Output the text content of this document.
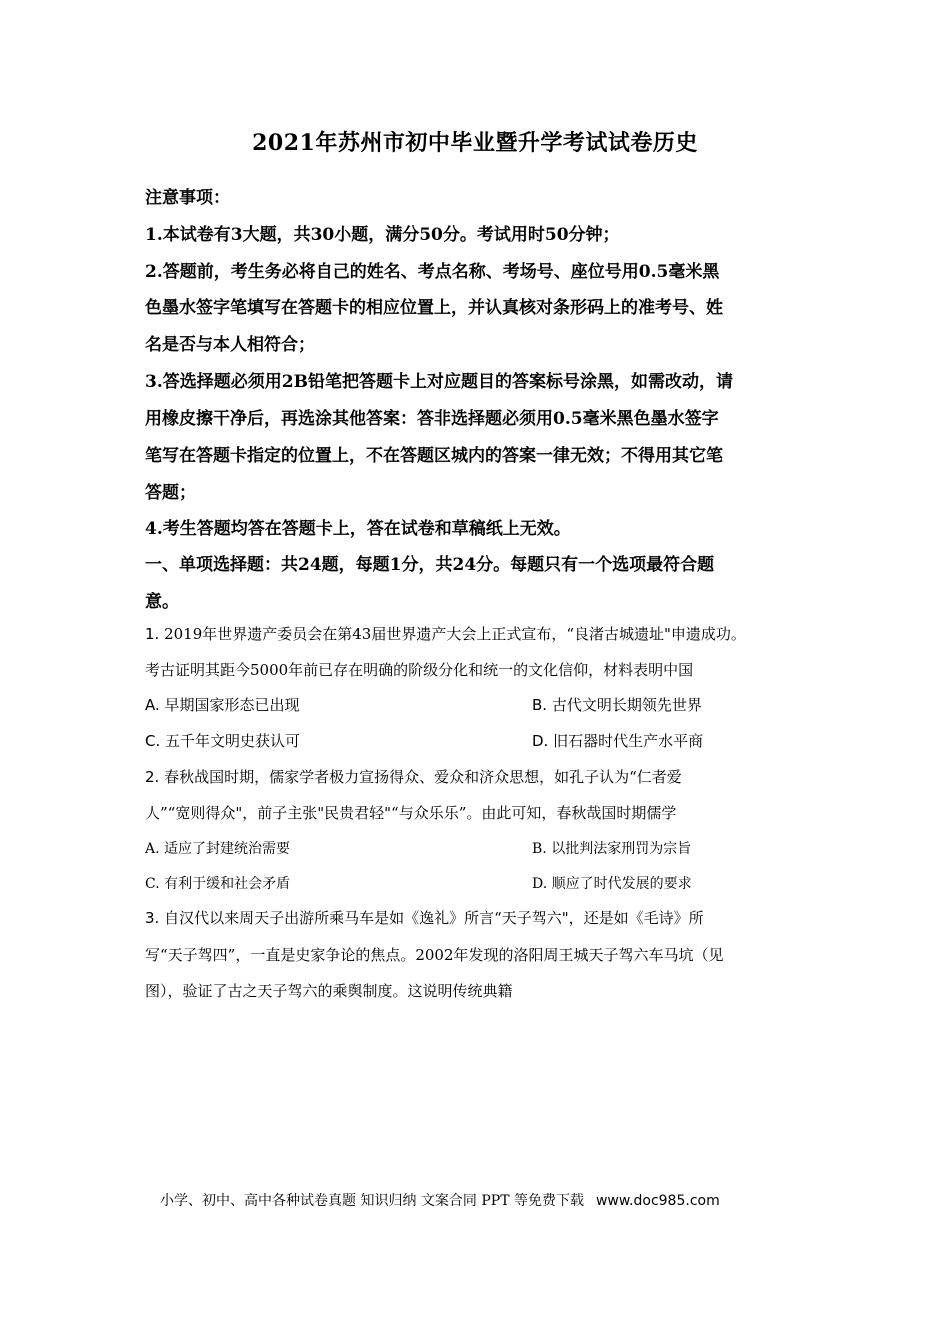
2021年苏州市初中毕业暨升学考试试卷历史
注意事项：
1.本试卷有3大题，共30小题，满分50分。考试用时50分钟；
2.答题前，考生务必将自己的姓名、考点名称、考场号、座位号用0.5毫米黑
色墨水签字笔填写在答题卡的相应位置上，并认真核对条形码上的准考号、姓
名是否与本人相符合；
3.答选择题必须用2B铅笔把答题卡上对应题目的答案标号涂黑，如需改动，请
用橡皮擦干净后，再选涂其他答案：答非选择题必须用0.5毫米黑色墨水签字
笔写在答题卡指定的位置上，不在答题区城内的答案一律无效；不得用其它笔
答题；
4.考生答题均答在答题卡上，答在试卷和草稿纸上无效。
一、单项选择题：共24题，每题1分，共24分。每题只有一个选项最符合题
意。
1. 2019年世界遗产委员会在第43届世界遗产大会上正式宣布，“良渚古城遗址"申遗成功。
考古证明其距今5000年前已存在明确的阶级分化和统一的文化信仰，材料表明中国
A. 早期国家形态已出现	B. 古代文明长期领先世界
C. 五千年文明史获认可	D. 旧石器时代生产水平商
2. 春秋战国时期，儒家学者极力宣扬得众、爱众和济众思想，如孔子认为“仁者爱
人”“宽则得众"，前子主张"民贵君轻"“与众乐乐”。由此可知，春秋哉国时期儒学
A. 适应了封建统治需要	B. 以批判法家刑罚为宗旨
C. 有利于缓和社会矛盾	D. 顺应了时代发展的要求
3. 自汉代以来周天子出游所乘马车是如《逸礼》所言“天子驾六"，还是如《毛诗》所
写“天子驾四”，一直是史家争论的焦点。2002年发现的洛阳周王城天子驾六车马坑（见
图），验证了古之天子驾六的乘舆制度。这说明传统典籍
小学、初中、高中各种试卷真题 知识归纳 文案合同 PPT 等免费下载 www.doc985.com
